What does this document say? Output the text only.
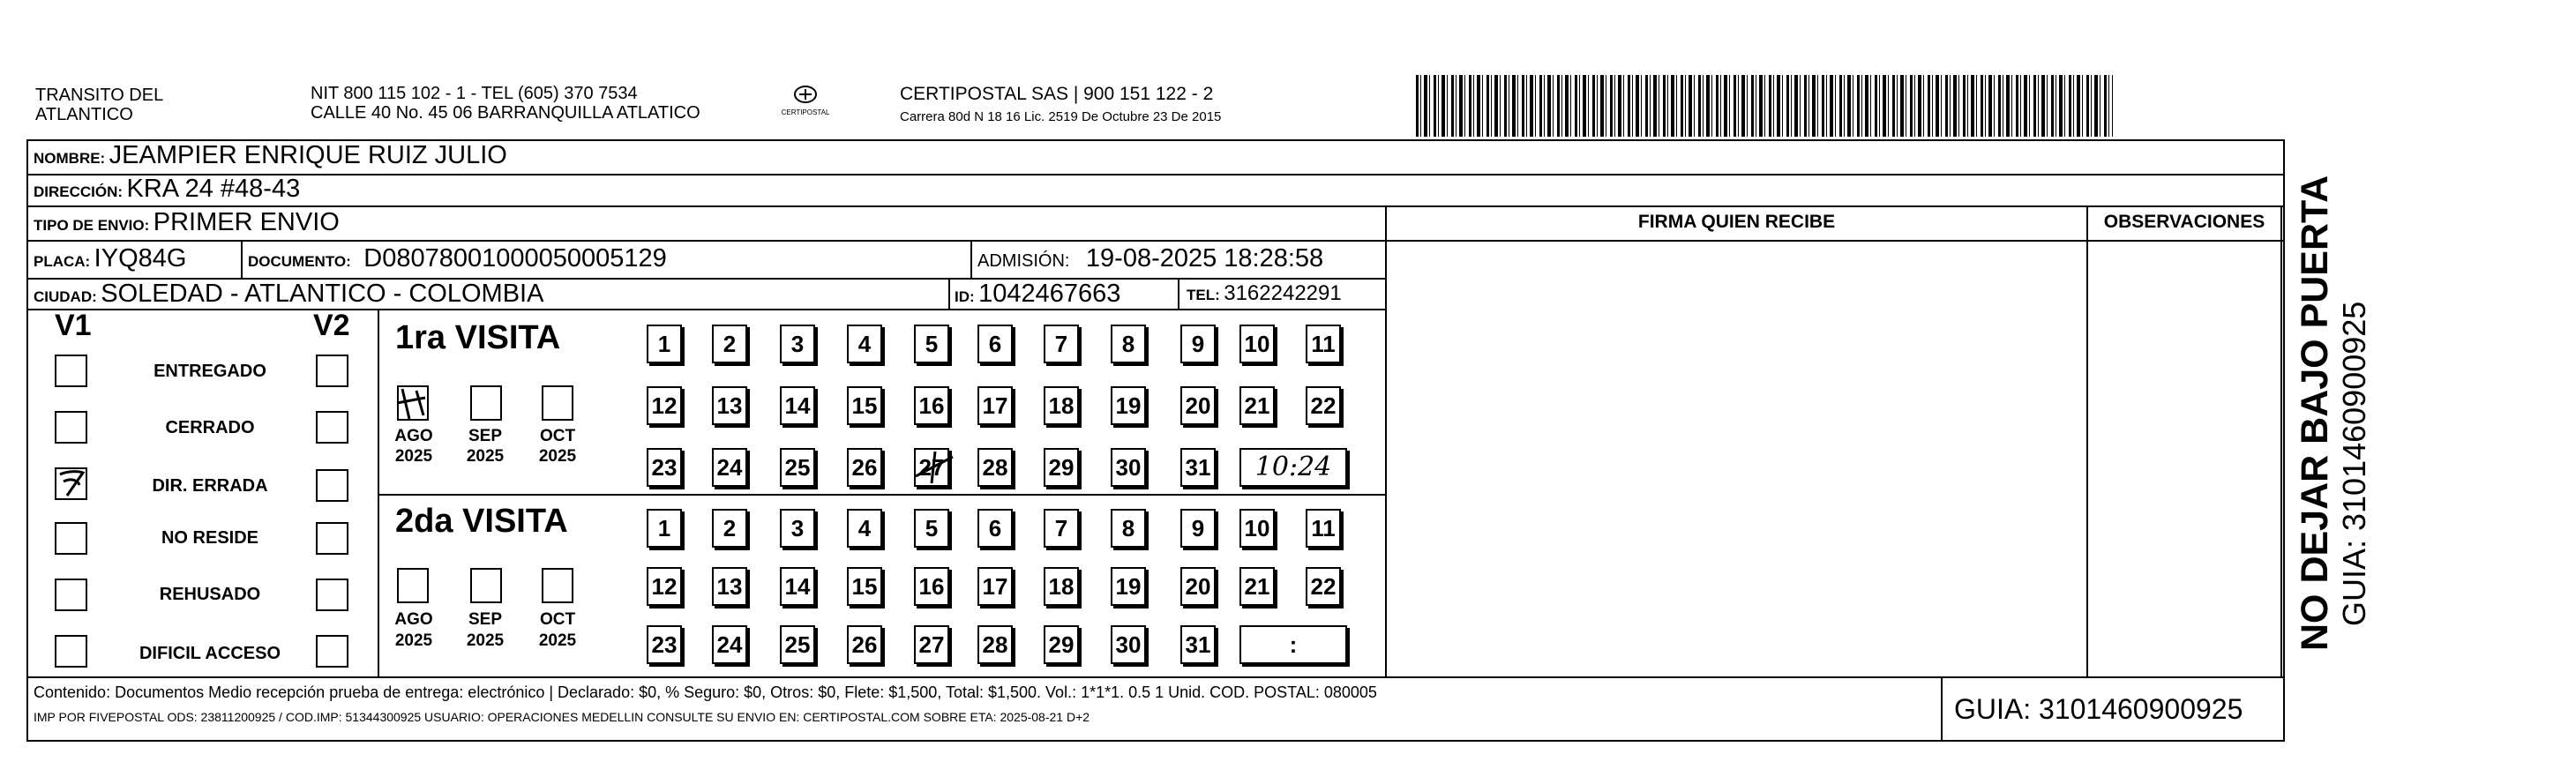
TRANSITO DEL
ATLANTICO
NIT 800 115 102 - 1 - TEL (605) 370 7534
CALLE 40 No. 45 06 BARRANQUILLA ATLATICO	CERTIPOSTAL
CERTIPOSTAL SAS | 900 151 122 - 2
Carrera 80d N 18 16 Lic. 2519 De Octubre 23 De 2015
NOMBRE: JEAMPIER ENRIQUE RUIZ JULIO
DIRECCIÓN: KRA 24 #48-43
TIPO DE ENVIO: PRIMER ENVIO	FIRMA QUIEN RECIBE	OBSERVACIONES
PLACA: IYQ84G	DOCUMENTO: D08078001000050005129	ADMISIÓN: 19-08-2025 18:28:58
CIUDAD: SOLEDAD - ATLANTICO - COLOMBIA	ID: 1042467663	TEL: 3162242291
V1	V2
ENTREGADO
CERRADO
DIR. ERRADA
NO RESIDE
REHUSADO
DIFICIL ACCESO
1ra VISITA
AGO	SEP	OCT
2025	2025	2025
1	2	3	4	5	6	7	8	9	10 11
12 13 14 15 16 17 18 19 20 21 22
23 24 25 26 27 28 29 30 31	10:24
2da VISITA
AGO	SEP	OCT
2025	2025	2025
1	2	3	4	5	6	7	8	9	10 11
12 13 14 15 16 17 18 19 20 21 22
23 24 25 26 27 28 29 30 31	:
Contenido: Documentos Medio recepción prueba de entrega: electrónico | Declarado: $0, % Seguro: $0, Otros: $0, Flete: $1,500, Total: $1,500. Vol.: 1*1*1. 0.5 1 Unid. COD. POSTAL: 080005
IMP POR FIVEPOSTAL ODS: 23811200925 / COD.IMP: 51344300925 USUARIO: OPERACIONES MEDELLIN CONSULTE SU ENVIO EN: CERTIPOSTAL.COM SOBRE ETA: 2025-08-21 D+2	GUIA: 3101460900925
NO DEJAR BAJO PUERTA GUIA: 3101460900925
